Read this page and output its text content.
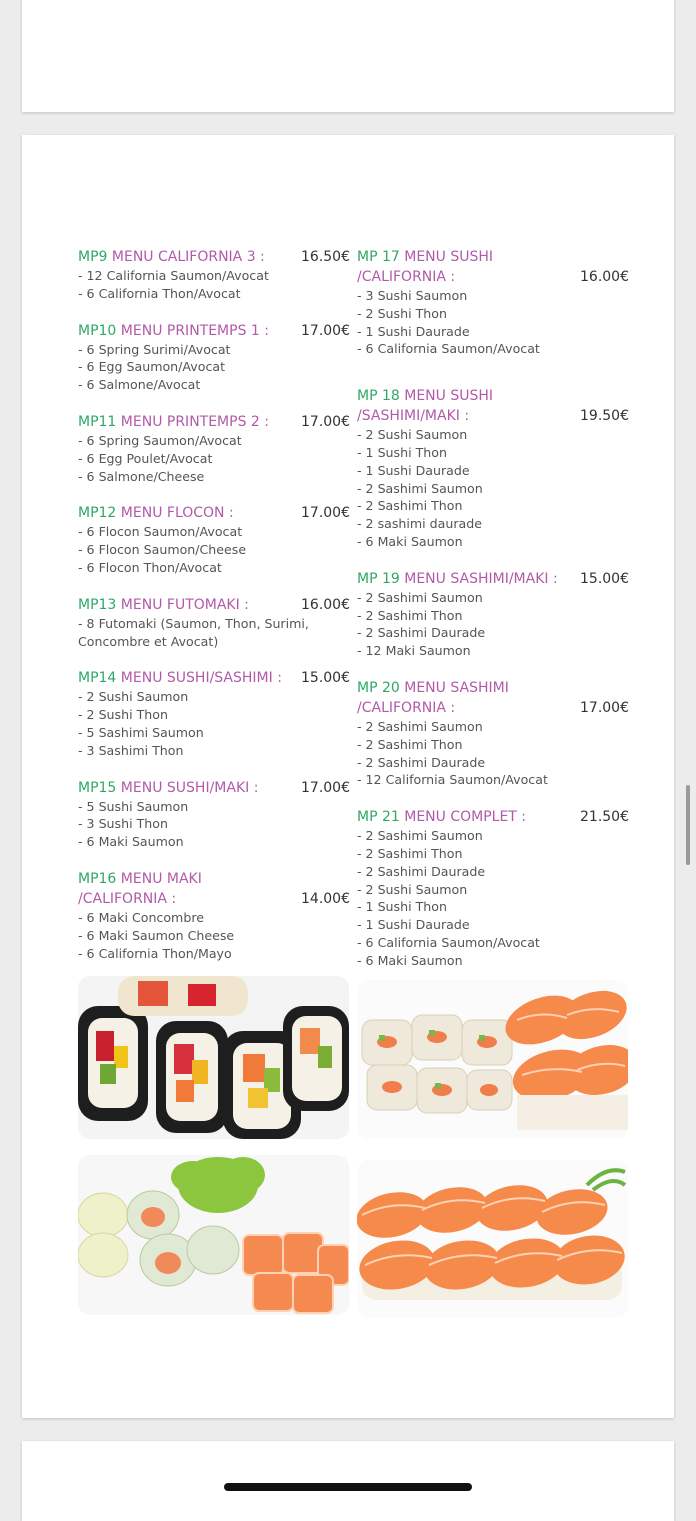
MP9 MENU CALIFORNIA 3 :	16.50€
- 12 California Saumon/Avocat
- 6 California Thon/Avocat
MP10 MENU PRINTEMPS 1 : 17.00€
- 6 Spring Surimi/Avocat
- 6 Egg Saumon/Avocat
- 6 Salmone/Avocat
MP11 MENU PRINTEMPS 2 : 17.00€
- 6 Spring Saumon/Avocat
- 6 Egg Poulet/Avocat
- 6 Salmone/Cheese
MP12 MENU FLOCON :	17.00€
- 6 Flocon Saumon/Avocat
- 6 Flocon Saumon/Cheese
- 6 Flocon Thon/Avocat
MP13 MENU FUTOMAKI :	16.00€
- 8 Futomaki (Saumon, Thon, Surimi, Concombre et Avocat)
MP14 MENU SUSHI/SASHIMI : 15.00€
- 2 Sushi Saumon
- 2 Sushi Thon
- 5 Sashimi Saumon
- 3 Sashimi Thon
MP15 MENU SUSHI/MAKI :	17.00€
- 5 Sushi Saumon
- 3 Sushi Thon
- 6 Maki Saumon
MP16 MENU MAKI
/CALIFORNIA :	14.00€
- 6 Maki Concombre
- 6 Maki Saumon Cheese
- 6 California Thon/Mayo
MP 17 MENU SUSHI
/CALIFORNIA :	16.00€
- 3 Sushi Saumon
- 2 Sushi Thon
- 1 Sushi Daurade
- 6 California Saumon/Avocat
MP 18 MENU SUSHI
/SASHIMI/MAKI :	19.50€
- 2 Sushi Saumon
- 1 Sushi Thon
- 1 Sushi Daurade
- 2 Sashimi Saumon
- 2 Sashimi Thon
- 2 sashimi daurade
- 6 Maki Saumon
MP 19 MENU SASHIMI/MAKI : 15.00€
- 2 Sashimi Saumon
- 2 Sashimi Thon
- 2 Sashimi Daurade
- 12 Maki Saumon
MP 20 MENU SASHIMI
/CALIFORNIA :	17.00€
- 2 Sashimi Saumon
- 2 Sashimi Thon
- 2 Sashimi Daurade
- 12 California Saumon/Avocat
MP 21 MENU COMPLET :	21.50€
- 2 Sashimi Saumon
- 2 Sashimi Thon
- 2 Sashimi Daurade
- 2 Sushi Saumon
- 1 Sushi Thon
- 1 Sushi Daurade
- 6 California Saumon/Avocat
- 6 Maki Saumon
